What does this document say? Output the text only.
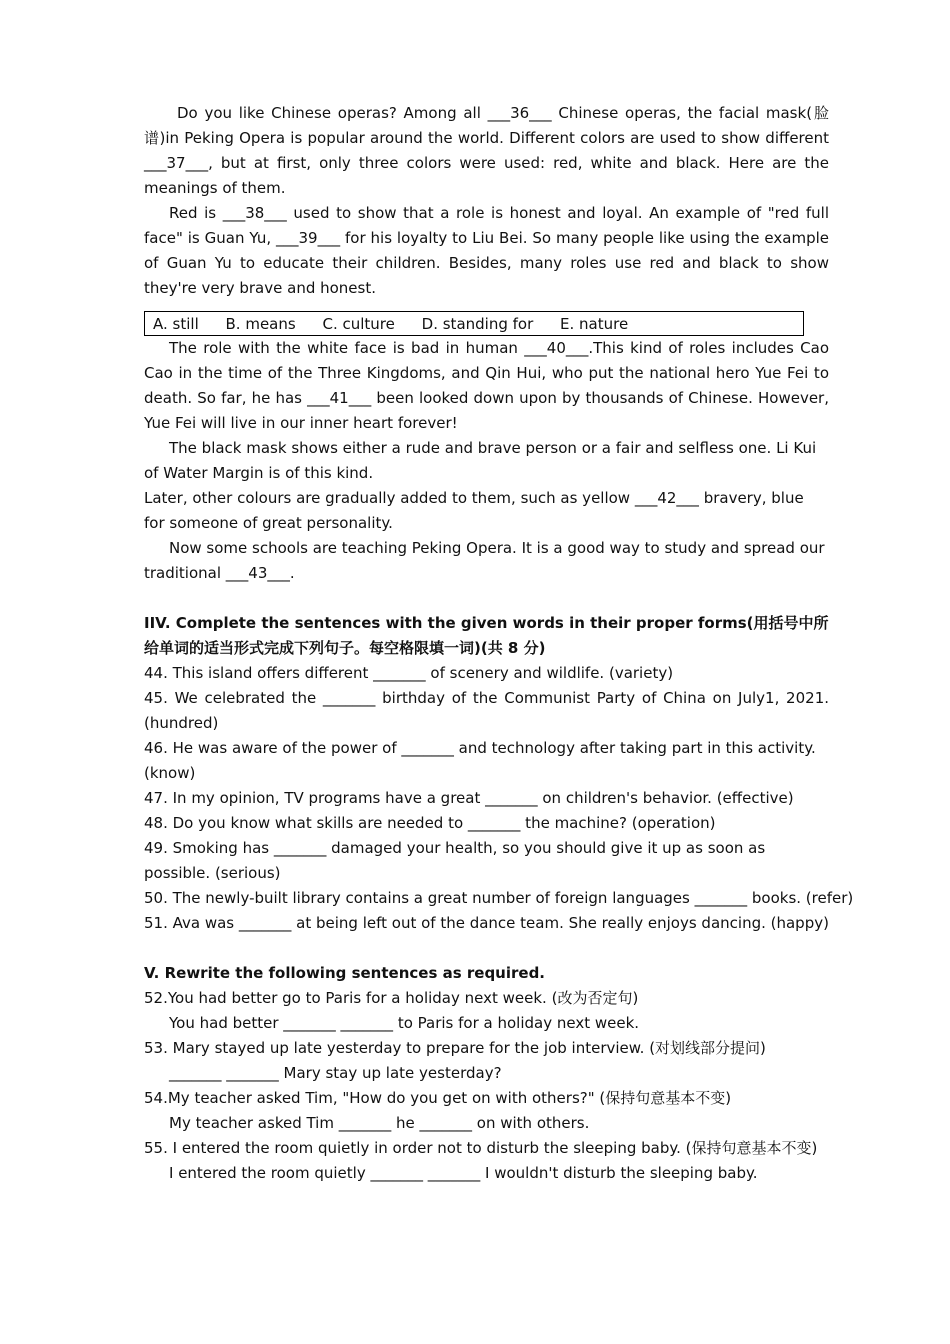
Do you like Chinese operas? Among all ___36___ Chinese operas, the facial mask(脸谱)in Peking Opera is popular around the world. Different colors are used to show different ___37___, but at first, only three colors were used: red, white and black. Here are the meanings of them.

Red is ___38___ used to show that a role is honest and loyal. An example of "red full face" is Guan Yu, ___39___ for his loyalty to Liu Bei. So many people like using the example of Guan Yu to educate their children. Besides, many roles use red and black to show they're very brave and honest.

A. still B. means C. culture D. standing for E. nature

The role with the white face is bad in human ___40___.This kind of roles includes Cao Cao in the time of the Three Kingdoms, and Qin Hui, who put the national hero Yue Fei to death. So far, he has ___41___ been looked down upon by thousands of Chinese. However, Yue Fei will live in our inner heart forever!

The black mask shows either a rude and brave person or a fair and selfless one. Li Kui of Water Margin is of this kind.

Later, other colours are gradually added to them, such as yellow ___42___ bravery, blue for someone of great personality.

Now some schools are teaching Peking Opera. It is a good way to study and spread our traditional ___43___.

IIV. Complete the sentences with the given words in their proper forms(用括号中所给单词的适当形式完成下列句子。每空格限填一词)(共 8 分)

44. This island offers different _______ of scenery and wildlife. (variety)

45. We celebrated the _______ birthday of the Communist Party of China on July1, 2021. (hundred)

46. He was aware of the power of _______ and technology after taking part in this activity. (know)

47. In my opinion, TV programs have a great _______ on children's behavior. (effective)

48. Do you know what skills are needed to _______ the machine? (operation)

49. Smoking has _______ damaged your health, so you should give it up as soon as possible. (serious)

50. The newly-built library contains a great number of foreign languages _______ books. (refer)

51. Ava was _______ at being left out of the dance team. She really enjoys dancing. (happy)

V. Rewrite the following sentences as required.

52.You had better go to Paris for a holiday next week. (改为否定句)

You had better _______ _______ to Paris for a holiday next week.

53. Mary stayed up late yesterday to prepare for the job interview. (对划线部分提问)

_______ _______ Mary stay up late yesterday?

54.My teacher asked Tim, "How do you get on with others?" (保持句意基本不变)

My teacher asked Tim _______ he _______ on with others.

55. I entered the room quietly in order not to disturb the sleeping baby. (保持句意基本不变)

I entered the room quietly _______ _______ I wouldn't disturb the sleeping baby.
